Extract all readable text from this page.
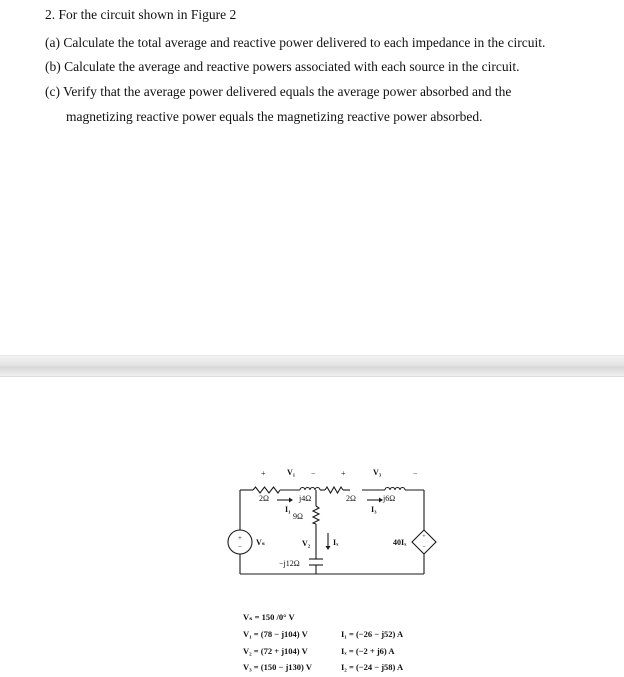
2. For the circuit shown in Figure 2
(a) Calculate the total average and reactive power delivered to each impedance in the circuit.
(b) Calculate the average and reactive powers associated with each source in the circuit.
(c) Verify that the average power delivered equals the average power absorbed and the
magnetizing reactive power equals the magnetizing reactive power absorbed.
+
−
+
−
+	V₁ −	+	V₃	−
2Ω	j4Ω	2Ω	j6Ω
I₁
9Ω
I₃
Vₛ	V₂	Iₓ	40Iₓ
−j12Ω
Vₛ = 150 /0° V
V₁ = (78 − j104) V
V₂ = (72 + j104) V
V₃ = (150 − j130) V
I₁ = (−26 − j52) A
Iₓ = (−2 + j6) A
I₂ = (−24 − j58) A
